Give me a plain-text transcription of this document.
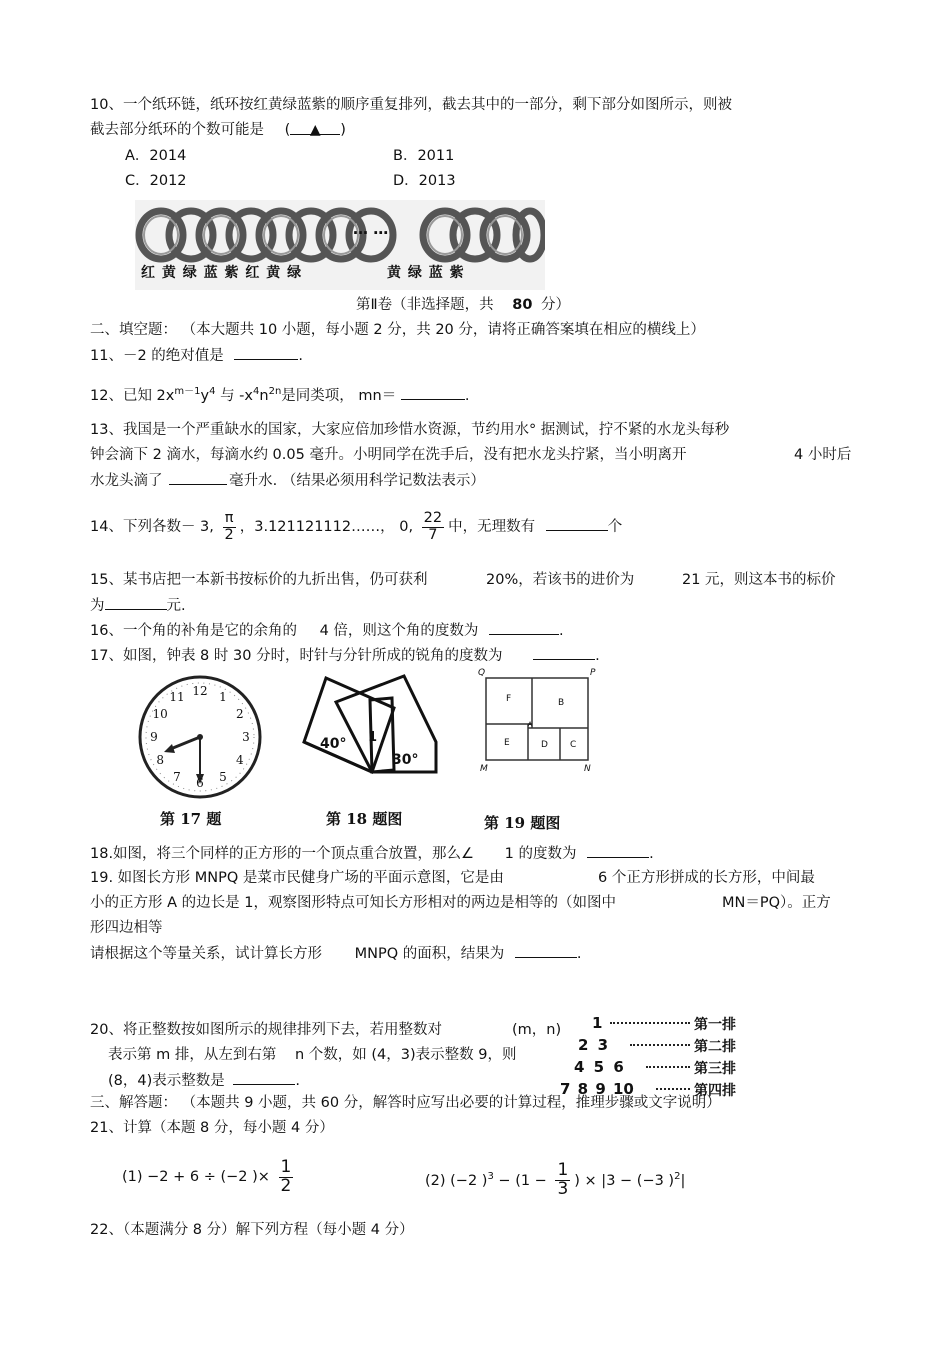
10、一个纸环链，纸环按红黄绿蓝紫的顺序重复排列，截去其中的一部分，剩下部分如图所示，则被
截去部分纸环的个数可能是 ( ▲ )
A．2014	B．2011
C．2012	D．2013
… …
红 黄 绿 蓝 紫 红 黄 绿	黄 绿 蓝 紫
第Ⅱ卷（非选择题，共 80 分）
二、填空题： （本大题共 10 小题，每小题 2 分，共 20 分，请将正确答案填在相应的横线上）
11、－2 的绝对值是	.
12、已知 $2x^{m-1}y^4$ 与 $-x^4n^{2n}$是同类项， mn＝	.
13、我国是一个严重缺水的国家，大家应倍加珍惜水资源，节约用水° 据测试，拧不紧的水龙头每秒
钟会滴下 2 滴水，每滴水约 0.05 毫升。小明同学在洗手后，没有把水龙头拧紧，当小明离开	4 小时后
水龙头滴了	毫升水. （结果必须用科学记数法表示）
14、下列各数－ 3, $\frac{\pi}{2}$ ，3.121121112……， 0, $\frac{22}{7}$ 中，无理数有	个
15、某书店把一本新书按标价的九折出售，仍可获利	20%，若该书的进价为	21 元，则这本书的标价
为	元.
16、一个角的补角是它的余角的 4 倍，则这个角的度数为	.
17、如图，钟表 8 时 30 分时，时针与分针所成的锐角的度数为	.
12 1
2
3
4
5
6
7
8
9
10
11
第 17 题
40°
30°
1
第 18 题图
Q	P
M	N
F	B
A
E	D C
第 19 题图
18.如图，将三个同样的正方形的一个顶点重合放置，那么∠ 1 的度数为	.
19. 如图长方形 MNPQ 是菜市民健身广场的平面示意图，它是由	6 个正方形拼成的长方形，中间最
小的正方形 A 的边长是 1，观察图形特点可知长方形相对的两边是相等的（如图中	MN＝PQ）。正方
形四边相等
请根据这个等量关系，试计算长方形 MNPQ 的面积，结果为	.
20、将正整数按如图所示的规律排列下去，若用整数对	(m，n)
表示第 m 排，从左到右第 n 个数，如 (4，3)表示整数 9，则
(8，4)表示整数是	.
1	第一排
2 3	第二排
4 5 6	第三排
7 8 9 10	第四排
三、解答题： （本题共 9 小题，共 60 分，解答时应写出必要的计算过程，推理步骤或文字说明）
21、计算（本题 8 分，每小题 4 分）
(1) −2 + 6 ÷ (−2 )× $\frac{1}{2}$	(2) (−2 )$^3 - (1 - \frac{1}{3}$ ) × |3 − (−3 )$^2$|
22、（本题满分 8 分）解下列方程（每小题 4 分）
